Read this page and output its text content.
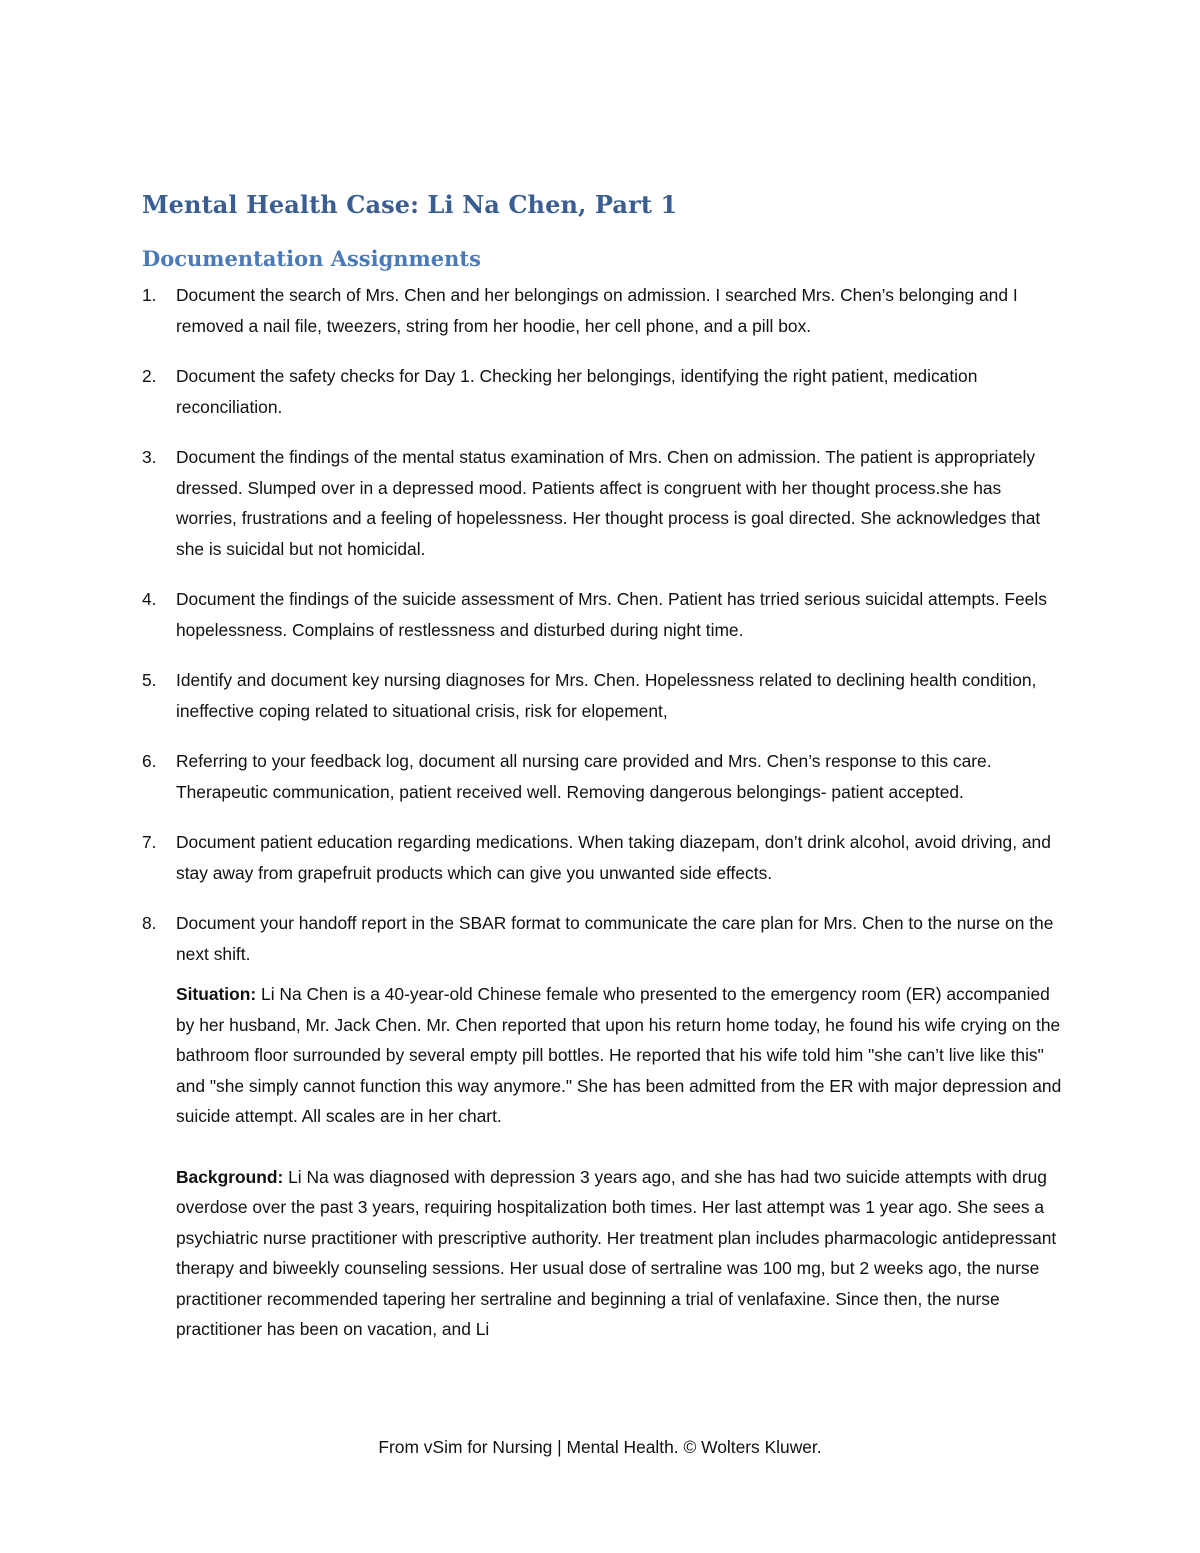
Mental Health Case: Li Na Chen, Part 1
Documentation Assignments
1. Document the search of Mrs. Chen and her belongings on admission. I searched Mrs. Chen’s belonging and I removed a nail file, tweezers, string from her hoodie, her cell phone, and a pill box.
2. Document the safety checks for Day 1. Checking her belongings, identifying the right patient, medication reconciliation.
3. Document the findings of the mental status examination of Mrs. Chen on admission. The patient is appropriately dressed. Slumped over in a depressed mood. Patients affect is congruent with her thought process.she has worries, frustrations and a feeling of hopelessness. Her thought process is goal directed. She acknowledges that she is suicidal but not homicidal.
4. Document the findings of the suicide assessment of Mrs. Chen. Patient has trried serious suicidal attempts. Feels hopelessness. Complains of restlessness and disturbed during night time.
5. Identify and document key nursing diagnoses for Mrs. Chen. Hopelessness related to declining health condition, ineffective coping related to situational crisis, risk for elopement,
6. Referring to your feedback log, document all nursing care provided and Mrs. Chen’s response to this care. Therapeutic communication, patient received well. Removing dangerous belongings- patient accepted.
7. Document patient education regarding medications. When taking diazepam, don’t drink alcohol, avoid driving, and stay away from grapefruit products which can give you unwanted side effects.
8. Document your handoff report in the SBAR format to communicate the care plan for Mrs. Chen to the nurse on the next shift.

Situation: Li Na Chen is a 40-year-old Chinese female who presented to the emergency room (ER) accompanied by her husband, Mr. Jack Chen. Mr. Chen reported that upon his return home today, he found his wife crying on the bathroom floor surrounded by several empty pill bottles. He reported that his wife told him "she can’t live like this" and "she simply cannot function this way anymore." She has been admitted from the ER with major depression and suicide attempt. All scales are in her chart.

Background: Li Na was diagnosed with depression 3 years ago, and she has had two suicide attempts with drug overdose over the past 3 years, requiring hospitalization both times. Her last attempt was 1 year ago. She sees a psychiatric nurse practitioner with prescriptive authority. Her treatment plan includes pharmacologic antidepressant therapy and biweekly counseling sessions. Her usual dose of sertraline was 100 mg, but 2 weeks ago, the nurse practitioner recommended tapering her sertraline and beginning a trial of venlafaxine. Since then, the nurse practitioner has been on vacation, and Li

From vSim for Nursing | Mental Health. © Wolters Kluwer.
